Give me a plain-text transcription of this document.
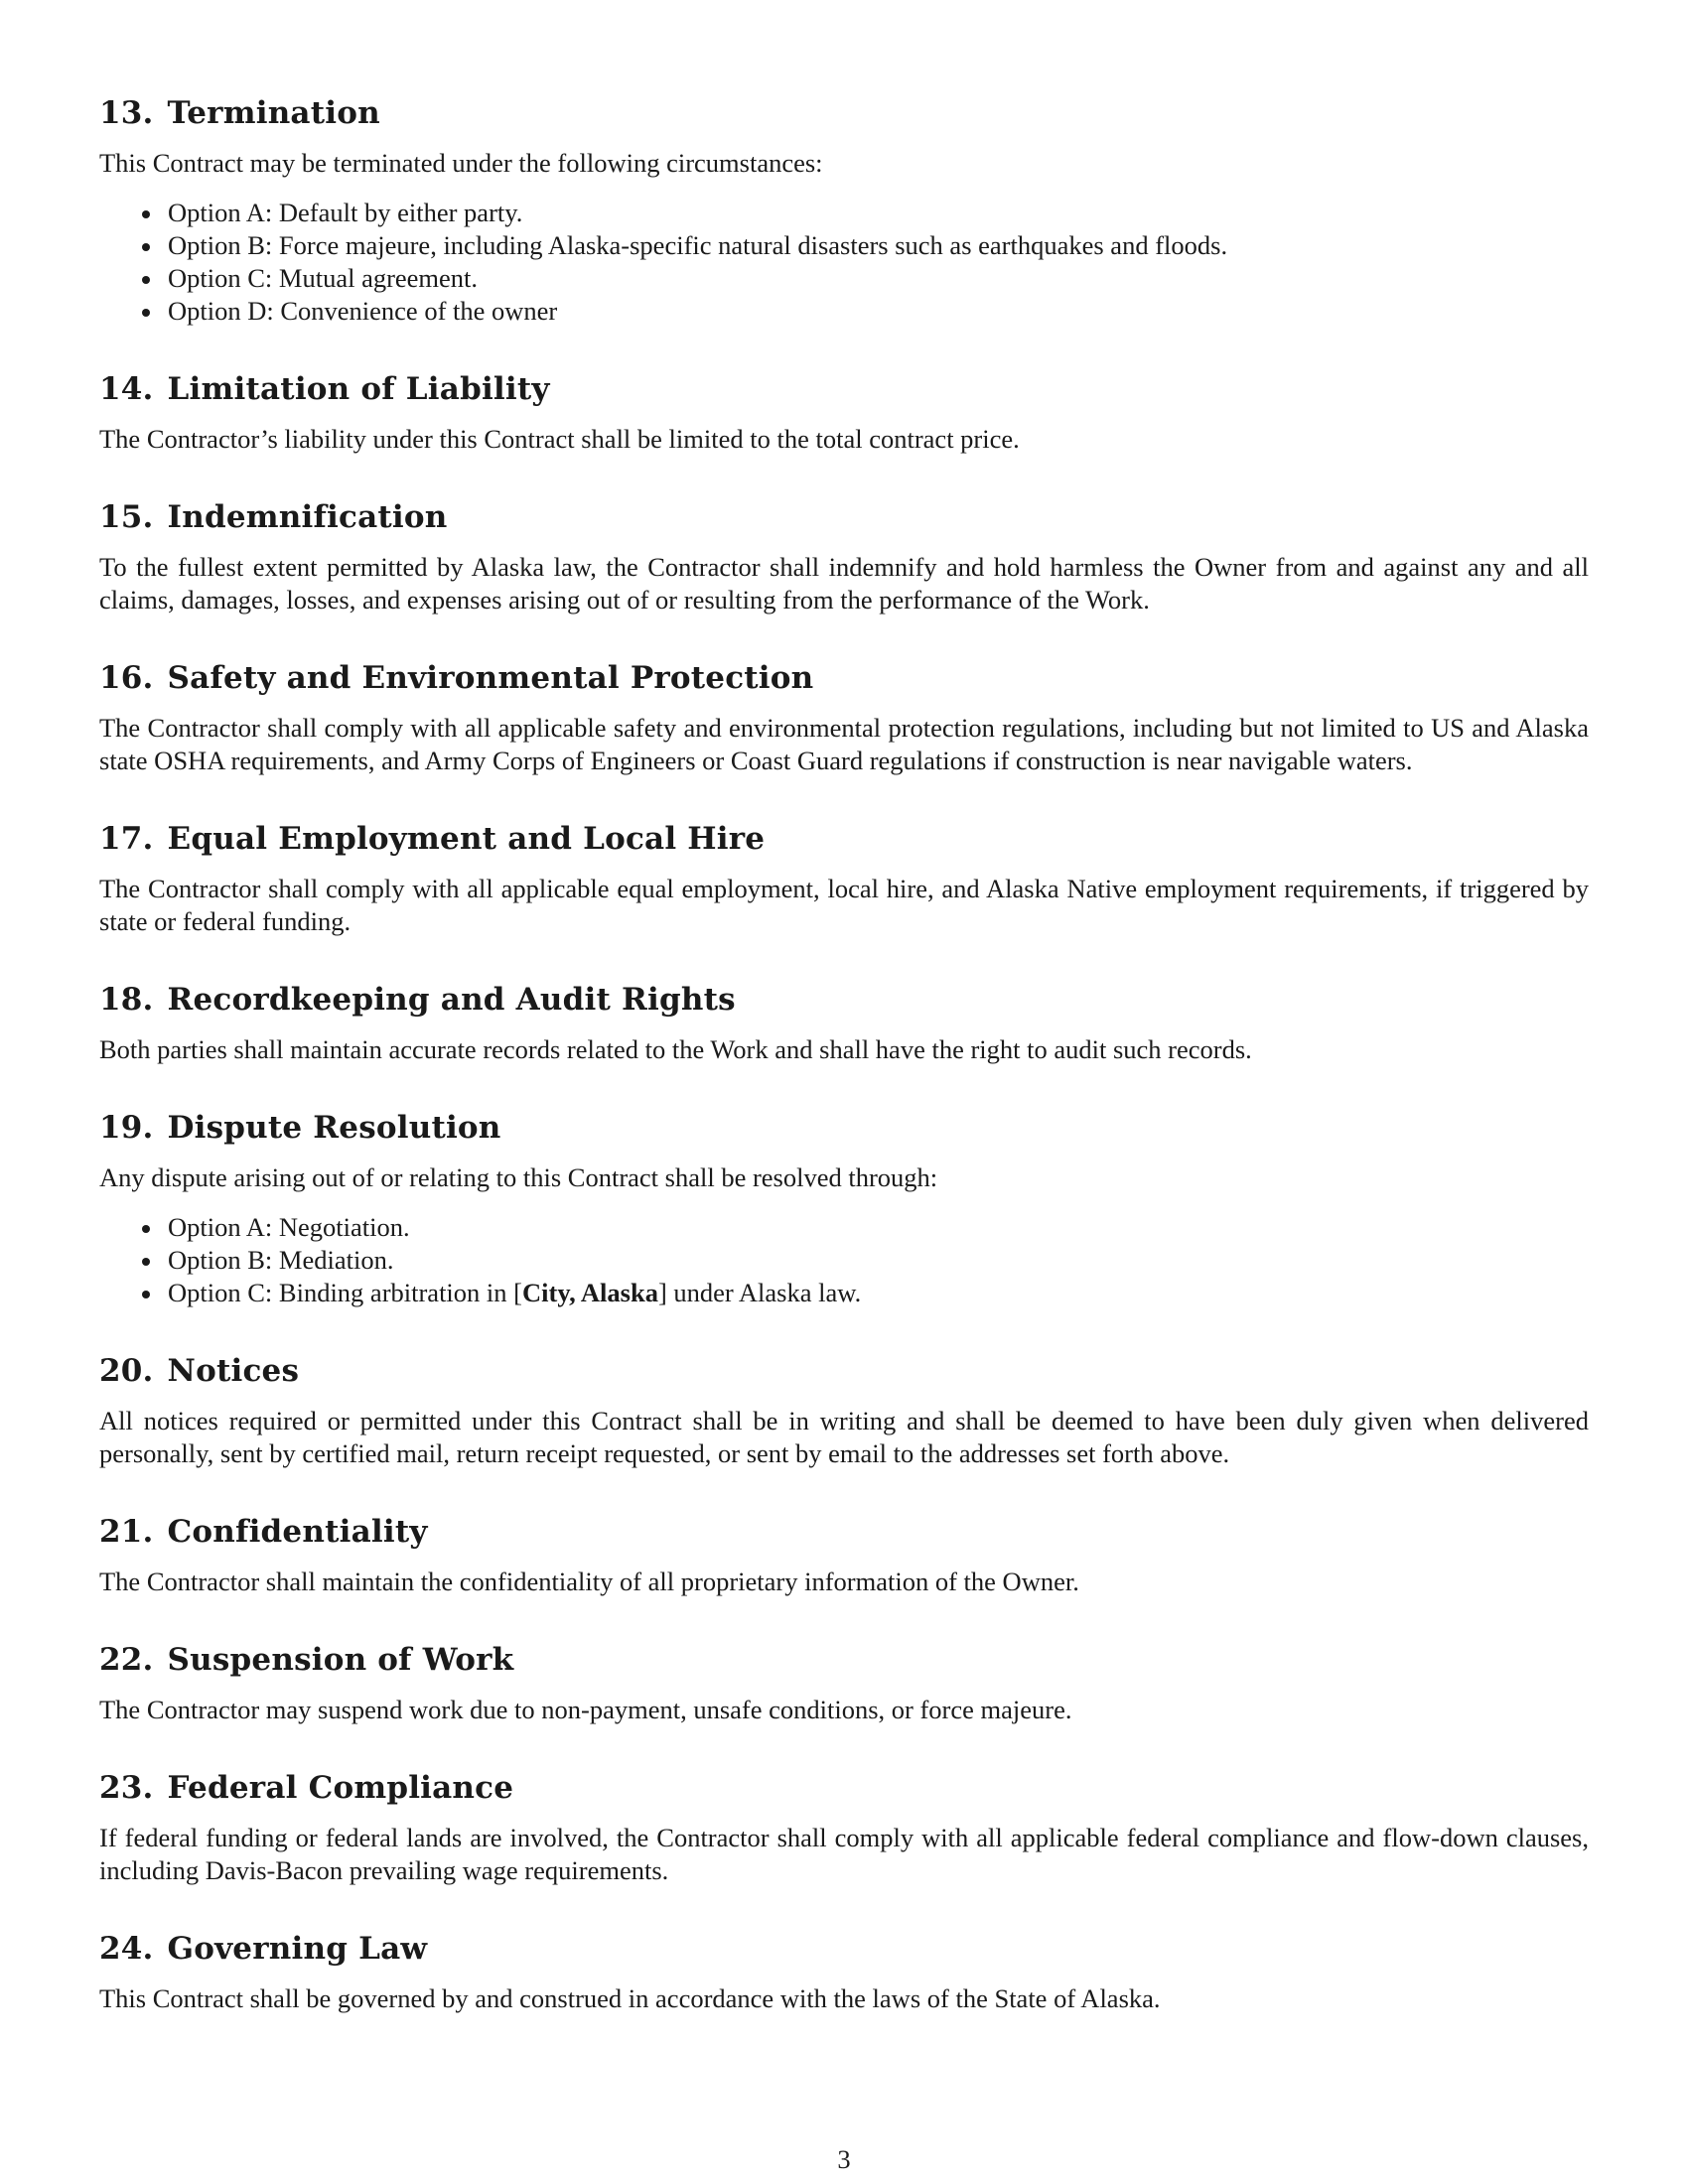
13. Termination

This Contract may be terminated under the following circumstances:

Option A: Default by either party.
Option B: Force majeure, including Alaska-specific natural disasters such as earthquakes and floods.
Option C: Mutual agreement.
Option D: Convenience of the owner
14. Limitation of Liability

The Contractor’s liability under this Contract shall be limited to the total contract price.

15. Indemnification

To the fullest extent permitted by Alaska law, the Contractor shall indemnify and hold harmless the Owner from and against any and all claims, damages, losses, and expenses arising out of or resulting from the performance of the Work.

16. Safety and Environmental Protection

The Contractor shall comply with all applicable safety and environmental protection regulations, including but not limited to US and Alaska state OSHA requirements, and Army Corps of Engineers or Coast Guard regulations if construction is near navigable waters.

17. Equal Employment and Local Hire

The Contractor shall comply with all applicable equal employment, local hire, and Alaska Native employment requirements, if triggered by state or federal funding.

18. Recordkeeping and Audit Rights

Both parties shall maintain accurate records related to the Work and shall have the right to audit such records.

19. Dispute Resolution

Any dispute arising out of or relating to this Contract shall be resolved through:

Option A: Negotiation.
Option B: Mediation.
Option C: Binding arbitration in [City, Alaska] under Alaska law.
20. Notices

All notices required or permitted under this Contract shall be in writing and shall be deemed to have been duly given when delivered personally, sent by certified mail, return receipt requested, or sent by email to the addresses set forth above.

21. Confidentiality

The Contractor shall maintain the confidentiality of all proprietary information of the Owner.

22. Suspension of Work

The Contractor may suspend work due to non-payment, unsafe conditions, or force majeure.

23. Federal Compliance

If federal funding or federal lands are involved, the Contractor shall comply with all applicable federal compliance and flow-down clauses, including Davis-Bacon prevailing wage requirements.

24. Governing Law

This Contract shall be governed by and construed in accordance with the laws of the State of Alaska.

3
